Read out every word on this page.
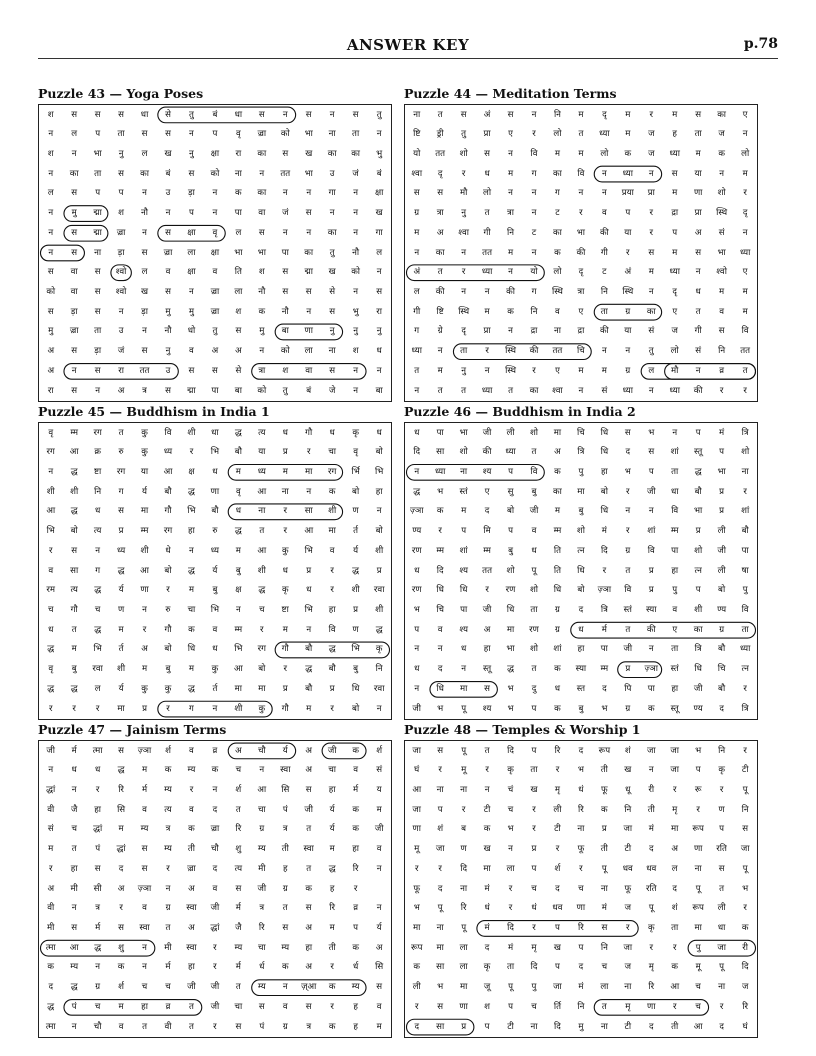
ANSWER KEY	p.78
Puzzle 43 — Yoga Poses
श	स	स	स	धा	से	तु	बं	धा	स	न	स	न	स	तु
न	ल	प	ता	स	स	न	प	वृ	ज़्रा	को	भा	ना	ता	न
श	न	भा	नु	ल	ख	नु	क्षा	रा	का	स	ख	का	का	भु
न	का	ता	स	का	बं	स	को	ना	न	तत	भा	उ	जं	बं
ल	स	प	प	न	उ	ड़ा	न	क	का	न	न	गा	न	क्षा
न	मु	द्मा	श	नौ	न	प	न	पा	वा	जं	स	न	न	ख
न	स	द्मा	ज़्रा	न	स	क्षा	वृ	ल	स	न	न	का	न	गा
न	स	ना	ड़ा	स	ज़्रा	ला	क्षा	भा	भा	पा	का	तु	नौ	ल
स	वा	स	श्वो	ल	व	क्षा	व	ति	श	स	द्मा	ख	को	न
को	वा	स	श्वो	ख	स	न	ज़्रा	ला	नौ	स	स	से	न	स
स	ड़ा	स	न	ड़ा	मु	मु	ज़्रा	श	क	नौ	न	स	भु	रा
मु	ज़्रा	ता	उ	न	नौ	धो	तु	स	मु	बा	णा	नु	नु	नु
अ	स	ड़ा	जं	स	नु	व	अ	अ	न	को	ला	ना	श	ध
अ	न	स	रा	तत	उ	स	स	से	त्रा	श	वा	स	न	न
रा	स	न	अ	त्र	स	द्मा	पा	बा	को	तु	बं	जे	न	बा
Puzzle 44 — Meditation Terms
ना	त	स	अं	स	न	नि	म	दृ	म	र	म	स	का	ए
ष्टि	ड्री	तु	प्रा	ए	र	लो	त	ध्या	म	ज	ह	ता	ज	न
यो	तत	शो	स	न	वि	म	म	लो	क	ज	ध्या	म	क	लो
श्वा	दृ	र	ध	म	ग	का	वि	न	ध्या	न	स	या	न	म
स	स	मौ	लो	न	न	ग	न	न	प्रया	प्रा	म	णा	शो	र
ग्र	त्रा	नु	त	त्रा	न	ट	र	व	प	र	द्रा	प्रा	स्थि	दृ
म	अ	श्वा	गी	नि	ट	का	भा	की	या	र	प	अ	सं	न
न	का	न	तत	म	न	क	की	गी	र	स	म	स	भा	ध्या
अं	त	र	ध्या	न	यो	लो	दृ	ट	अं	म	ध्या	न	श्वो	ए
ल	की	न	न	की	ग	स्थि	त्रा	नि	स्थि	न	दृ	ध	म	म
गी	ष्टि	स्थि	म	क	नि	व	ए	ता	ग्र	का	ए	त	व	म
ग	ग्रे	दृ	प्रा	न	द्रा	ना	द्रा	की	या	सं	ज	गी	स	वि
ध्या	न	ता	र	स्थि	की	तत	चि	न	न	तु	लो	सं	नि	तत
त	म	नु	न	स्थि	र	ए	म	म	ग्र	ल	मौ	न	व्र	त
न	त	त	ध्या	त	का	श्वा	न	सं	ध्या	न	ध्या	की	र	र
Puzzle 45 — Buddhism in India 1
वृ	म्म	रग	त	कु	वि	शी	धा	द्ध	त्य	ध	गौ	ध	कृ	ध
रग	आ	क्र	रु	कु	ध्य	र	भि	बौ	या	प्र	र	चा	वृ	बो
न	द्ध	ष्टा	रग	या	आ	क्ष	ध	म	ध्य	म	मा	रग	र्भि	भि
शी	शी	नि	ग	र्य	बौ	द्ध	णा	वृ	आ	ना	न	क	बो	हा
आ	द्ध	ध	स	मा	गौ	भि	बौ	ध	ना	र	सा	शी	ण	न
भि	बो	त्य	प्र	म्म	रग	हा	रु	द्ध	त	र	आ	मा	र्त	बो
र	स	न	ध्य	शी	धे	न	ध्य	म	आ	कु	भि	व	र्य	शी
व	सा	ग	द्ध	आ	बो	द्ध	र्य	बु	शी	ध	प्र	र	द्ध	प्र
रम	त्य	द्ध	र्य	णा	र	म	बु	क्ष	द्ध	कृ	ध	र	शी	रवा
च	गौ	च	ण	न	रु	चा	भि	न	च	ष्टा	भि	हा	प्र	शी
ध	त	द्ध	म	र	गौ	क	व	म्म	र	म	न	वि	ण	द्ध
द्ध	म	भि	र्त	अ	बो	धि	ध	भि	रग	गौ	बौ	द्ध	भि	कृ
वृ	बु	रवा	शी	म	बु	म	कु	आ	बो	र	द्ध	बौ	बु	नि
द्ध	द्ध	ल	र्य	कु	कु	द्ध	र्त	मा	मा	प्र	बौ	प्र	धि	रवा
र	र	र	मा	प्र	र	ग	न	शी	कु	गौ	म	र	बो	न
Puzzle 46 — Buddhism in India 2
ध	पा	भा	जी	ली	शो	मा	चि	धि	स	भ	न	प	मं	त्रि
दि	सा	शो	की	ध्या	त	अ	त्रि	धि	द	स	शां	स्तू	प	शो
न	ध्या	ना	श्य	प	वि	क	पु	हा	भ	प	ता	द्ध	भा	ना
द्ध	भ	स्तं	ए	सु	बु	का	मा	बो	र	जी	धा	बौ	प्र	र
ज़्ञा	क	म	द	बो	जी	म	बु	धि	न	न	वि	भा	प्र	शां
ण्य	र	प	मि	प	व	म्म	शो	मं	र	शां	म्म	प्र	ली	बौ
रण	म्म	शां	म्म	बु	ध	ति	त्न	दि	ग्र	वि	पा	शो	जी	पा
ध	दि	श्य	तत	शो	पू	ति	धि	र	त	प्र	हा	त्न	ली	षा
रण	धि	धि	र	रण	शो	धि	बो	ज़्ञा	वि	प्र	पु	प	बो	पु
भ	चि	पा	जी	धि	ता	ग्र	द	त्रि	स्तं	स्या	व	शी	ण्य	वि
प	व	श्य	अ	मा	रण	ग्र	ध	र्म	त	की	ए	का	ग्र	ता
न	न	ध	हा	भा	शो	शां	हा	पा	जी	न	ता	त्रि	बौ	ध्या
ध	द	न	स्तू	द्ध	त	क	स्या	म्म	प्र	ज़्ञा	स्तं	धि	चि	त्न
न	धि	मा	स	भ	दु	ध	स्त	द	पि	पा	हा	जी	बौ	र
जी	भ	पू	श्य	भ	प	क	बु	भ	ग्र	क	स्तू	ण्य	द	त्रि
Puzzle 47 — Jainism Terms
जी	र्म	त्मा	स	ज़्ञा	र्श	व	व्र	अ	चौ	र्य	अ	जी	क	र्श
न	ध	ध	द्ध	म	क	म्य	क	च	न	स्वा	अ	चा	व	सं
द्धां	न	र	रि	र्म	म्य	र	न	र्श	आ	सि	स	हा	र्म	य
वी	जै	हा	सि	व	त्य	व	द	त	चा	पं	जी	र्य	क	म
सं	च	द्धां	म	म्य	त्र	क	ज़्रा	रि	ग्र	त्र	त	र्य	क	जी
म	त	पं	द्धां	स	म्य	ती	चौ	शु	म्य	ती	स्वा	म	हा	व
र	हा	स	द	स	र	ज़्रा	द	त्य	मी	ह	त	द्ध	रि	न
अ	मी	सी	अ	ज़्ञा	न	अ	व	स	जी	ग्र	क	ह	र	
वी	न	त्र	र	व	ग्र	स्वा	जी	र्म	त्र	त	स	रि	व्र	न
मी	स	र्म	स	स्वा	त	अ	द्धां	जै	रि	स	अ	म	प	र्य
त्मा	आ	द्ध	शु	न	मी	स्वा	र	म्य	चा	म्य	हा	ती	क	अ
क	म्य	न	क	न	र्म	हा	र	र्म	र्ध	क	अ	र	र्ध	सि
द	द्ध	ग्र	र्श	च	च	जी	जी	त	म्य	न	ज़्आ	क	म्य	स
द्ध	पं	च	म	हा	व्र	त	जी	चा	स	व	स	र	ह	व
त्मा	न	चौ	व	त	वी	त	र	स	पं	ग्र	त्र	क	ह	म
Puzzle 48 — Temples & Worship 1
जा	स	पू	त	दि	प	रि	द	रूप	शं	जा	जा	भ	नि	र
घं	र	मू	र	कृ	ता	र	भ	ती	ख	न	जा	प	कृ	टी
आ	ना	ना	न	चं	ख	मृ	धं	फू	धू	री	र	रू	र	पू
जा	प	र	टी	च	र	ली	रि	क	नि	ती	मृ	र	ण	नि
णा	शं	ब	क	भ	र	टी	ना	प्र	जा	मं	मा	रूप	प	स
मू	जा	ण	ख	न	प्र	र	फू	ती	टी	द	अ	णा	रति	जा
र	र	दि	मा	ला	प	र्श	र	पू	धव	धव	ल	ना	स	पू
फू	द	ना	मं	र	च	द	च	ना	फू	रति	द	पू	त	भ
भ	पू	रि	धं	र	धं	धव	णा	मं	ज	पू	शं	रूप	ली	र
मा	ना	पू	मं	दि	र	प	रि	स	र	कृ	ता	मा	धा	क
रूप	मा	ला	द	मं	मृ	ख	प	नि	जा	र	र	पु	जा	री
क	सा	ला	कृ	ता	दि	प	द	च	ज	मृ	क	मू	पू	दि
ली	भ	मा	जू	पू	पु	जा	मं	ला	ना	रि	आ	च	ना	ज
र	स	णा	श	प	च	र्ति	नि	त	मृ	णा	र	च	र	रि
द	सा	प्र	प	टी	ना	दि	मु	ना	टी	द	ती	आ	द	घं
